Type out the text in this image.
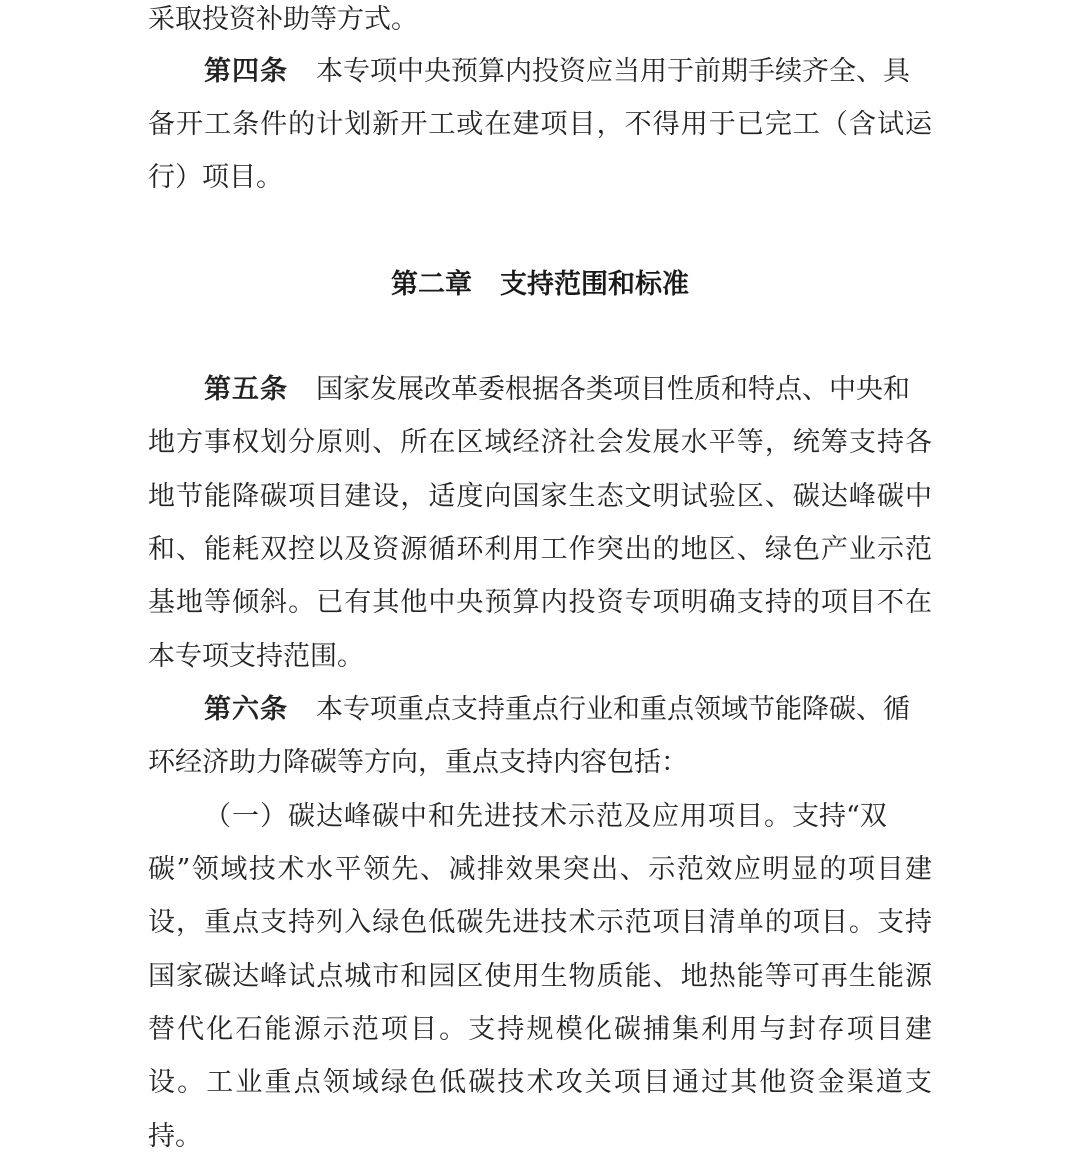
采取投资补助等方式。
第四条 本专项中央预算内投资应当用于前期手续齐全、具
备开工条件的计划新开工或在建项目，不得用于已完工（含试运
行）项目。
第五条 国家发展改革委根据各类项目性质和特点、中央和
地方事权划分原则、所在区域经济社会发展水平等，统筹支持各
地节能降碳项目建设，适度向国家生态文明试验区、碳达峰碳中
和、能耗双控以及资源循环利用工作突出的地区、绿色产业示范
基地等倾斜。已有其他中央预算内投资专项明确支持的项目不在
本专项支持范围。
第六条 本专项重点支持重点行业和重点领域节能降碳、循
环经济助力降碳等方向，重点支持内容包括：
（一）碳达峰碳中和先进技术示范及应用项目。支持“双
碳”领域技术水平领先、减排效果突出、示范效应明显的项目建
设，重点支持列入绿色低碳先进技术示范项目清单的项目。支持
国家碳达峰试点城市和园区使用生物质能、地热能等可再生能源
替代化石能源示范项目。支持规模化碳捕集利用与封存项目建
设。工业重点领域绿色低碳技术攻关项目通过其他资金渠道支
持。
第二章 支持范围和标准
